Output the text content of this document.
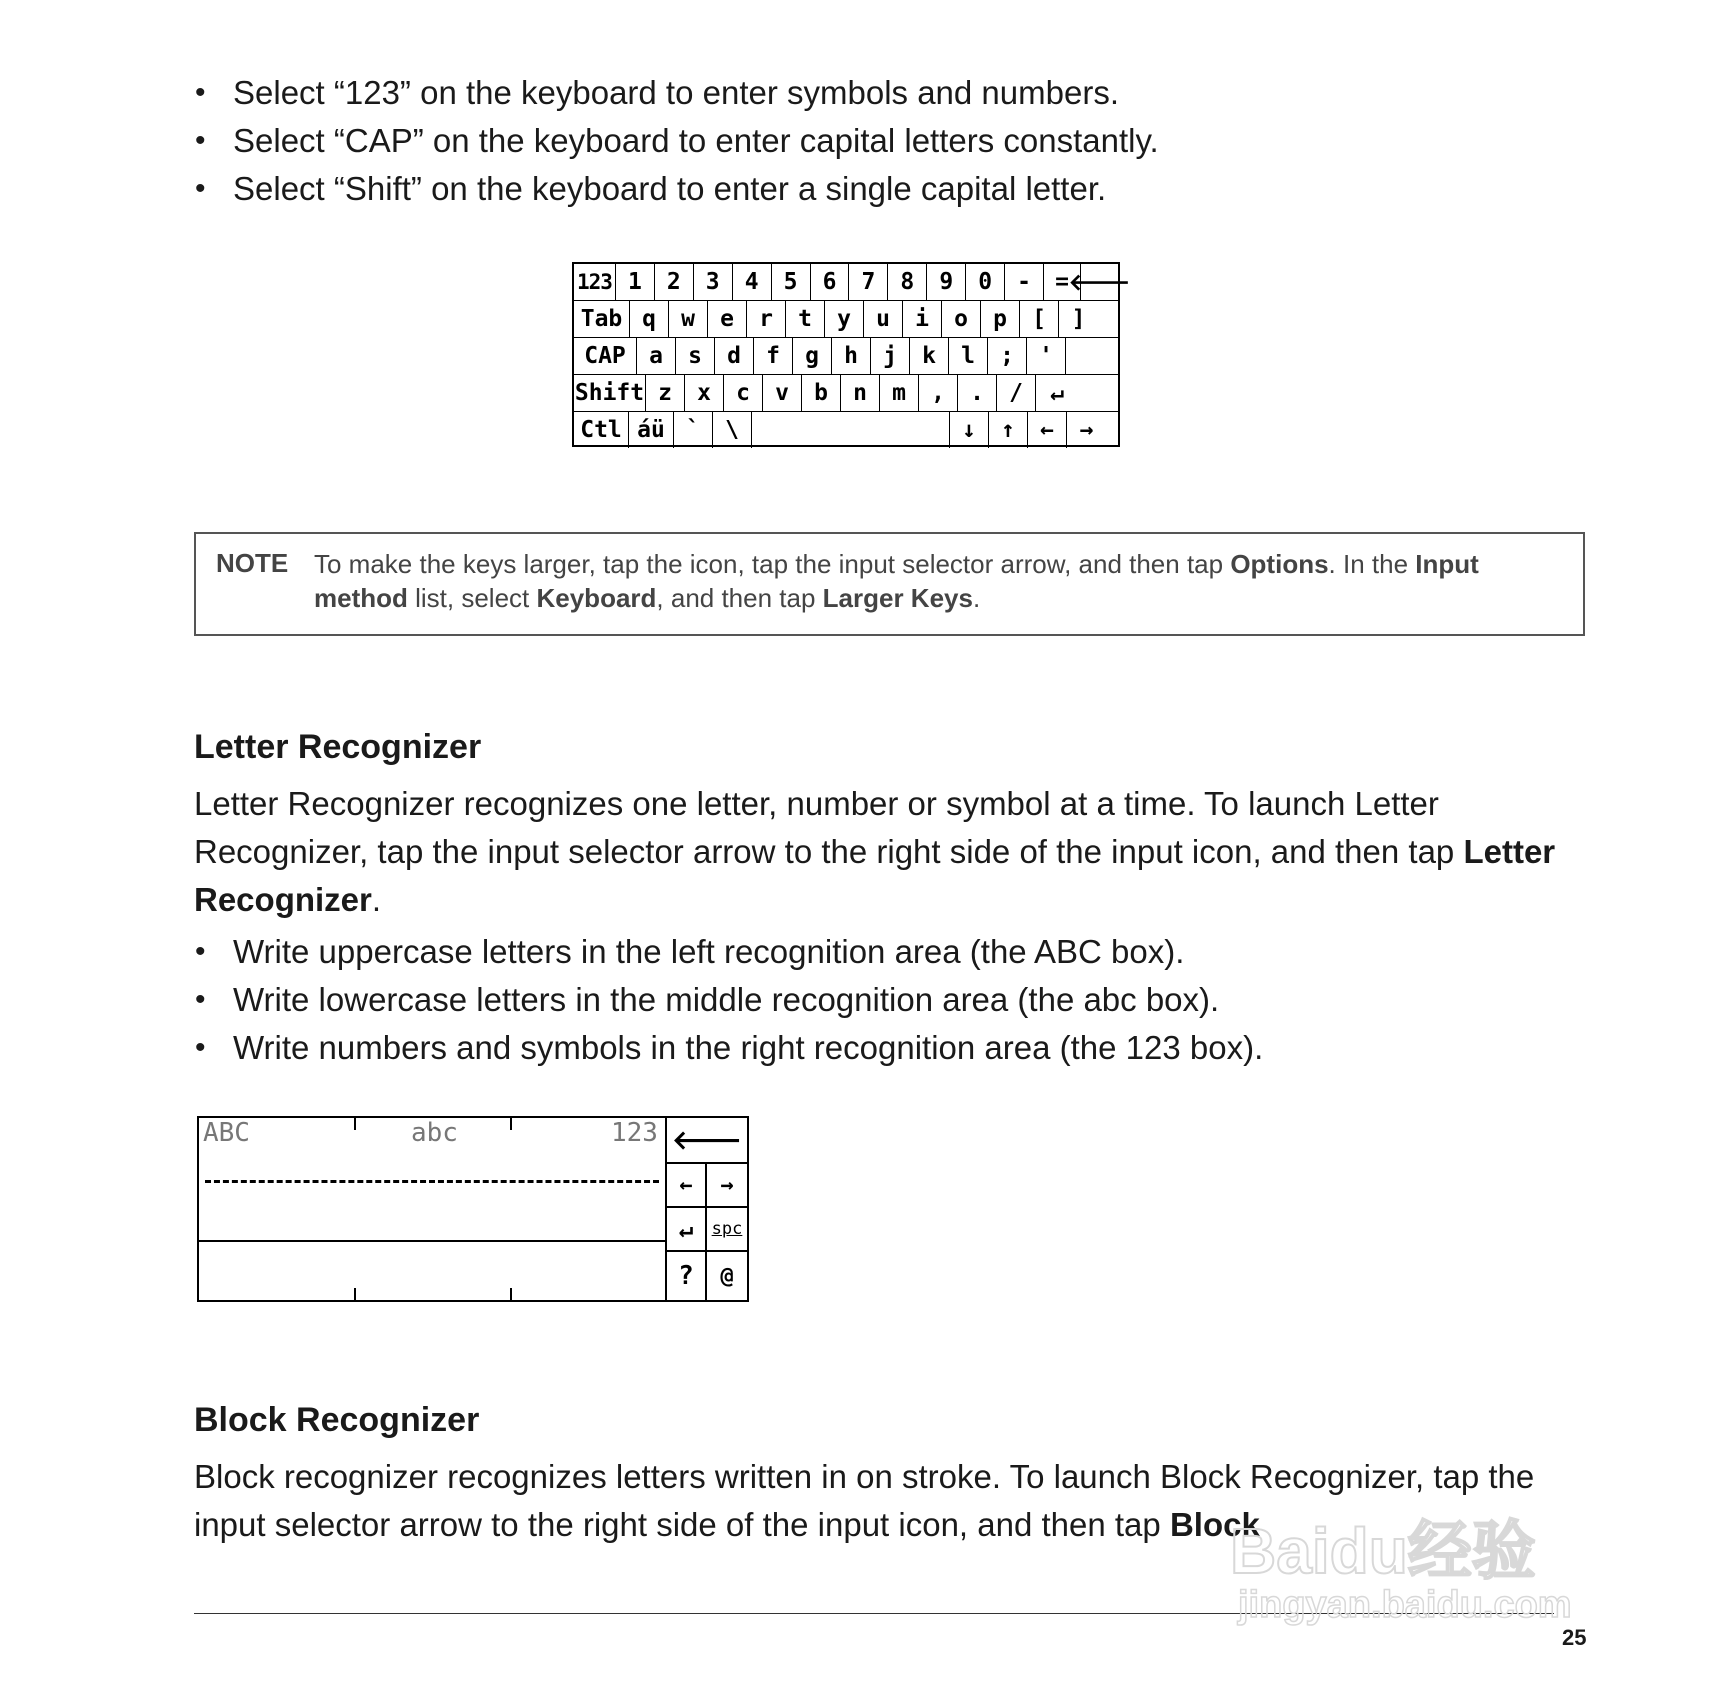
• Select “123” on the keyboard to enter symbols and numbers.
• Select “CAP” on the keyboard to enter capital letters constantly.
• Select “Shift” on the keyboard to enter a single capital letter.
123 1	2	3	4	5	6	7	8	9	0	-	= 🡐
Tab q	w	e	r	t	y	u	i	o	p	[	]
CAP	a	s	d	f	g	h	j	k	l	;	'
Shift z	x	c	v	b	n	m	,	.	/	↵
Ctl áü `	\	↓	↑	←	→
NOTE To make the keys larger, tap the icon, tap the input selector arrow, and then tap Options. In the Input method list, select Keyboard, and then tap Larger Keys.
Letter Recognizer

Letter Recognizer recognizes one letter, number or symbol at a time. To launch Letter Recognizer, tap the input selector arrow to the right side of the input icon, and then tap Letter Recognizer.

• Write uppercase letters in the left recognition area (the ABC box).
• Write lowercase letters in the middle recognition area (the abc box).
• Write numbers and symbols in the right recognition area (the 123 box).
ABC	abc	123 🡐
←	→
↵	spc
?	@
Block Recognizer

Block recognizer recognizes letters written in on stroke. To launch Block Recognizer, tap the input selector arrow to the right side of the input icon, and then tap Block

25
Baidu经验
jingyan.baidu.com
